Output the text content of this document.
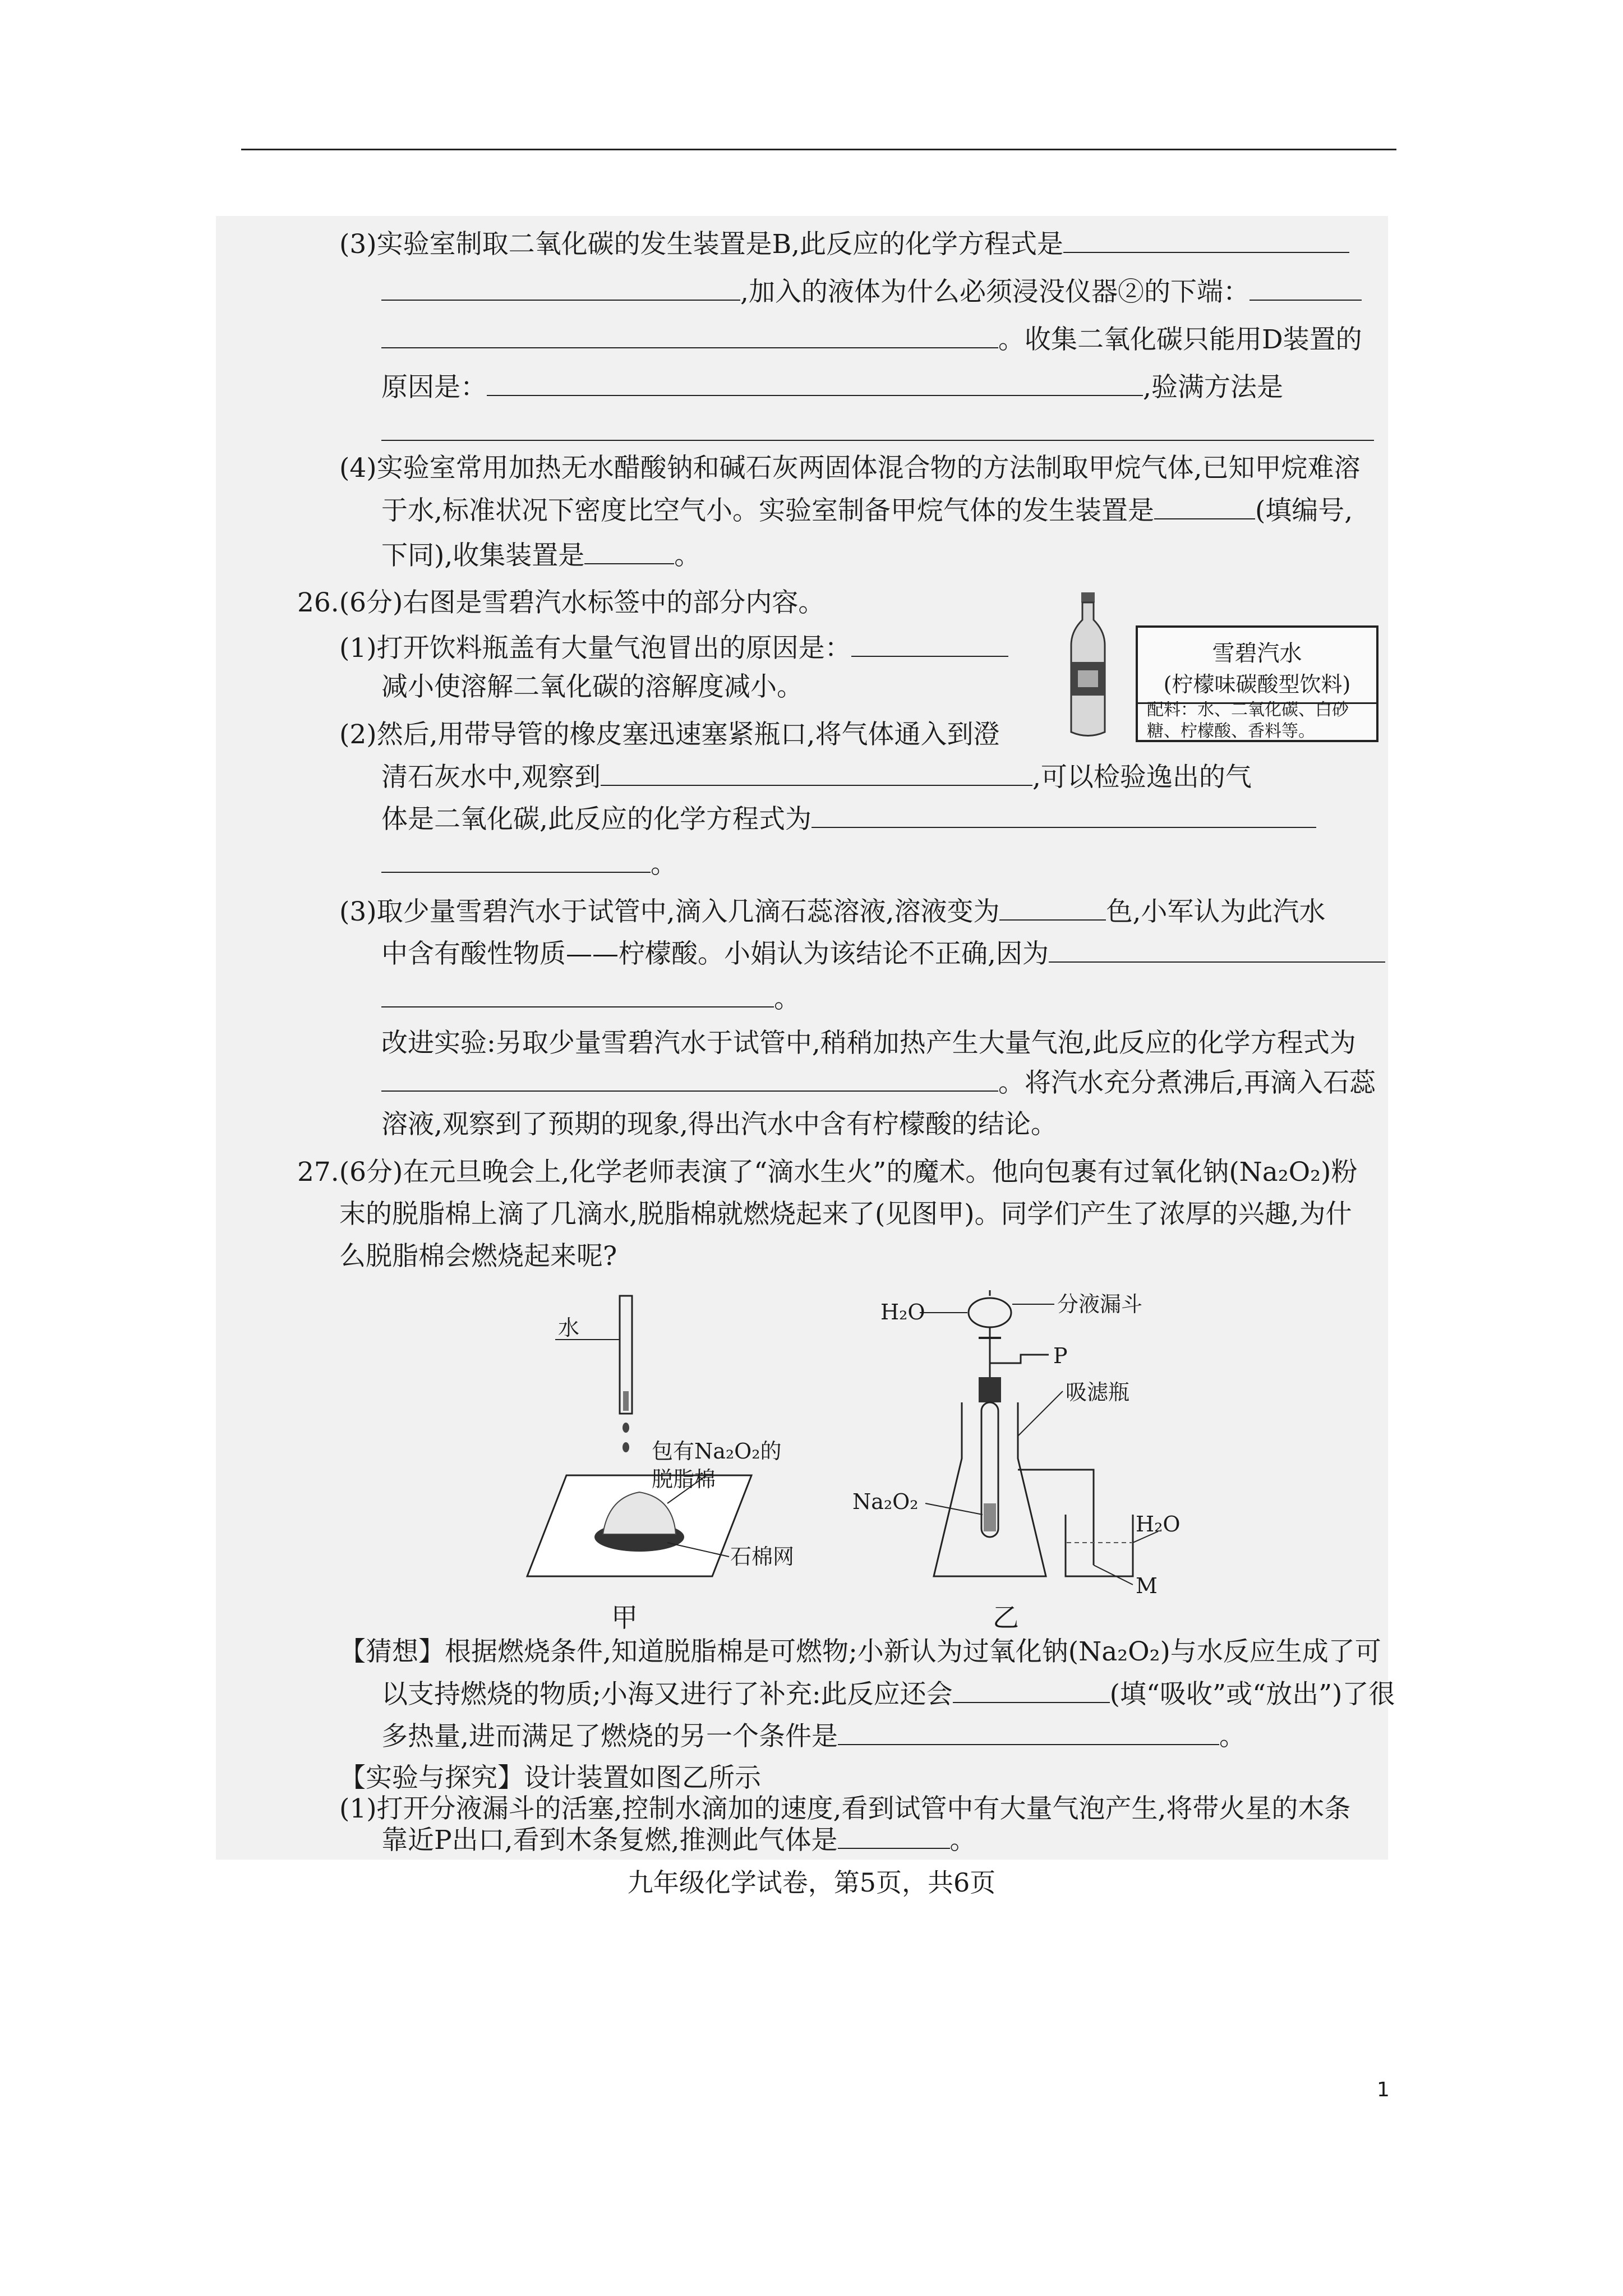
(3)实验室制取二氧化碳的发生装置是B,此反应的化学方程式是
,加入的液体为什么必须浸没仪器②的下端：
。收集二氧化碳只能用D装置的
原因是：	,验满方法是
(4)实验室常用加热无水醋酸钠和碱石灰两固体混合物的方法制取甲烷气体,已知甲烷难溶
于水,标准状况下密度比空气小。实验室制备甲烷气体的发生装置是	(填编号,
下同),收集装置是	。
26.(6分)右图是雪碧汽水标签中的部分内容。
(1)打开饮料瓶盖有大量气泡冒出的原因是：
减小使溶解二氧化碳的溶解度减小。
(2)然后,用带导管的橡皮塞迅速塞紧瓶口,将气体通入到澄
清石灰水中,观察到	,可以检验逸出的气
体是二氧化碳,此反应的化学方程式为
。
(3)取少量雪碧汽水于试管中,滴入几滴石蕊溶液,溶液变为	色,小军认为此汽水
中含有酸性物质——柠檬酸。小娟认为该结论不正确,因为
。
改进实验:另取少量雪碧汽水于试管中,稍稍加热产生大量气泡,此反应的化学方程式为
。将汽水充分煮沸后,再滴入石蕊
溶液,观察到了预期的现象,得出汽水中含有柠檬酸的结论。
雪碧汽水
(柠檬味碳酸型饮料)
配料：水、二氧化碳、白砂糖、柠檬酸、香料等。
27.(6分)在元旦晚会上,化学老师表演了“滴水生火”的魔术。他向包裹有过氧化钠(Na₂O₂)粉
末的脱脂棉上滴了几滴水,脱脂棉就燃烧起来了(见图甲)。同学们产生了浓厚的兴趣,为什
么脱脂棉会燃烧起来呢?
水
包有Na₂O₂的
脱脂棉
石棉网
甲
H₂O	分液漏斗
P
吸滤瓶
Na₂O₂
H₂O
M
乙
【猜想】根据燃烧条件,知道脱脂棉是可燃物;小新认为过氧化钠(Na₂O₂)与水反应生成了可
以支持燃烧的物质;小海又进行了补充:此反应还会	(填“吸收”或“放出”)了很
多热量,进而满足了燃烧的另一个条件是	。
【实验与探究】设计装置如图乙所示
(1)打开分液漏斗的活塞,控制水滴加的速度,看到试管中有大量气泡产生,将带火星的木条
九年级化学试卷，第5页，共6页
1
靠近P出口,看到木条复燃,推测此气体是	。
